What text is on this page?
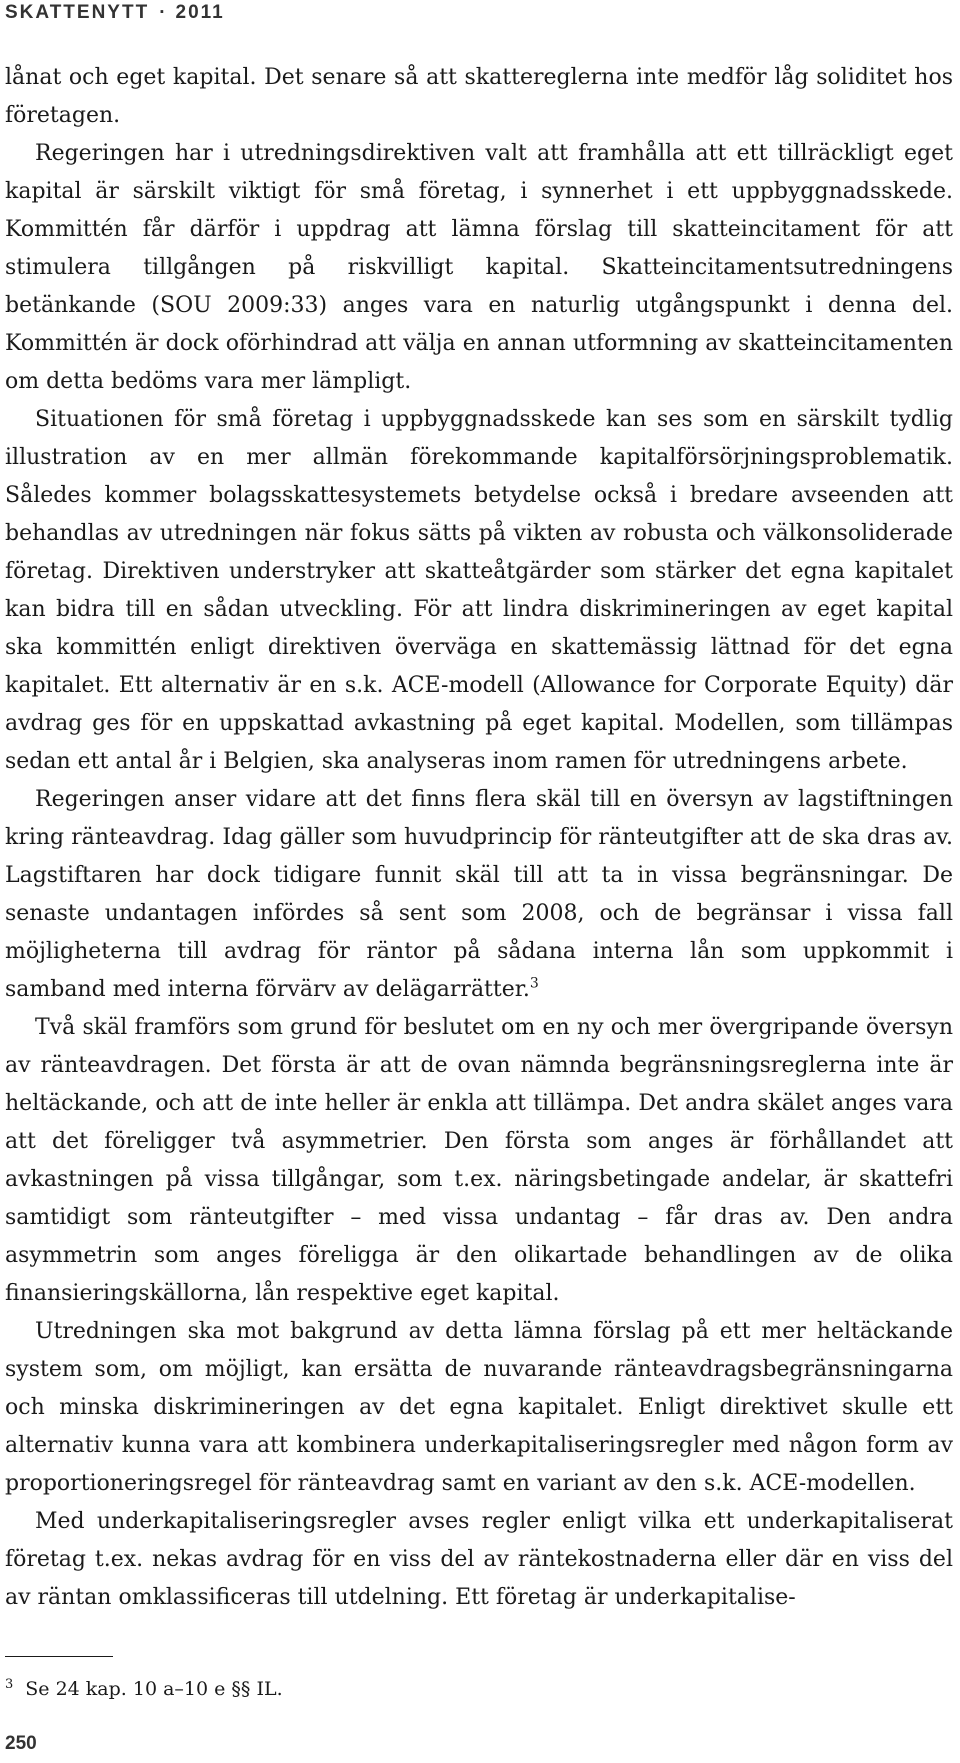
SKATTENYTT · 2011

lånat och eget kapital. Det senare så att skattereglerna inte medför låg soliditet hos företagen.

Regeringen har i utredningsdirektiven valt att framhålla att ett tillräckligt eget kapital är särskilt viktigt för små företag, i synnerhet i ett uppbyggnadsskede. Kommittén får därför i uppdrag att lämna förslag till skatteincitament för att stimulera tillgången på riskvilligt kapital. Skatteincitamentsutredningens betänkande (SOU 2009:33) anges vara en naturlig utgångspunkt i denna del. Kommittén är dock oförhindrad att välja en annan utformning av skatteincitamenten om detta bedöms vara mer lämpligt.

Situationen för små företag i uppbyggnadsskede kan ses som en särskilt tydlig illustration av en mer allmän förekommande kapitalförsörjningsproblematik. Således kommer bolagsskattesystemets betydelse också i bredare avseenden att behandlas av utredningen när fokus sätts på vikten av robusta och välkonsoliderade företag. Direktiven understryker att skatteåtgärder som stärker det egna kapitalet kan bidra till en sådan utveckling. För att lindra diskrimineringen av eget kapital ska kommittén enligt direktiven överväga en skattemässig lättnad för det egna kapitalet. Ett alternativ är en s.k. ACE-modell (Allowance for Corporate Equity) där avdrag ges för en uppskattad avkastning på eget kapital. Modellen, som tillämpas sedan ett antal år i Belgien, ska analyseras inom ramen för utredningens arbete.

Regeringen anser vidare att det finns flera skäl till en översyn av lagstiftningen kring ränteavdrag. Idag gäller som huvudprincip för ränteutgifter att de ska dras av. Lagstiftaren har dock tidigare funnit skäl till att ta in vissa begränsningar. De senaste undantagen infördes så sent som 2008, och de begränsar i vissa fall möjligheterna till avdrag för räntor på sådana interna lån som uppkommit i samband med interna förvärv av delägarrätter.$^3$

Två skäl framförs som grund för beslutet om en ny och mer övergripande översyn av ränteavdragen. Det första är att de ovan nämnda begränsningsreglerna inte är heltäckande, och att de inte heller är enkla att tillämpa. Det andra skälet anges vara att det föreligger två asymmetrier. Den första som anges är förhållandet att avkastningen på vissa tillgångar, som t.ex. näringsbetingade andelar, är skattefri samtidigt som ränteutgifter – med vissa undantag – får dras av. Den andra asymmetrin som anges föreligga är den olikartade behandlingen av de olika finansieringskällorna, lån respektive eget kapital.

Utredningen ska mot bakgrund av detta lämna förslag på ett mer heltäckande system som, om möjligt, kan ersätta de nuvarande ränteavdragsbegränsningarna och minska diskrimineringen av det egna kapitalet. Enligt direktivet skulle ett alternativ kunna vara att kombinera underkapitaliseringsregler med någon form av proportioneringsregel för ränteavdrag samt en variant av den s.k. ACE-modellen.

Med underkapitaliseringsregler avses regler enligt vilka ett underkapitaliserat företag t.ex. nekas avdrag för en viss del av räntekostnaderna eller där en viss del av räntan omklassificeras till utdelning. Ett företag är underkapitalise-

$^3$ Se 24 kap. 10 a–10 e §§ IL.
250
